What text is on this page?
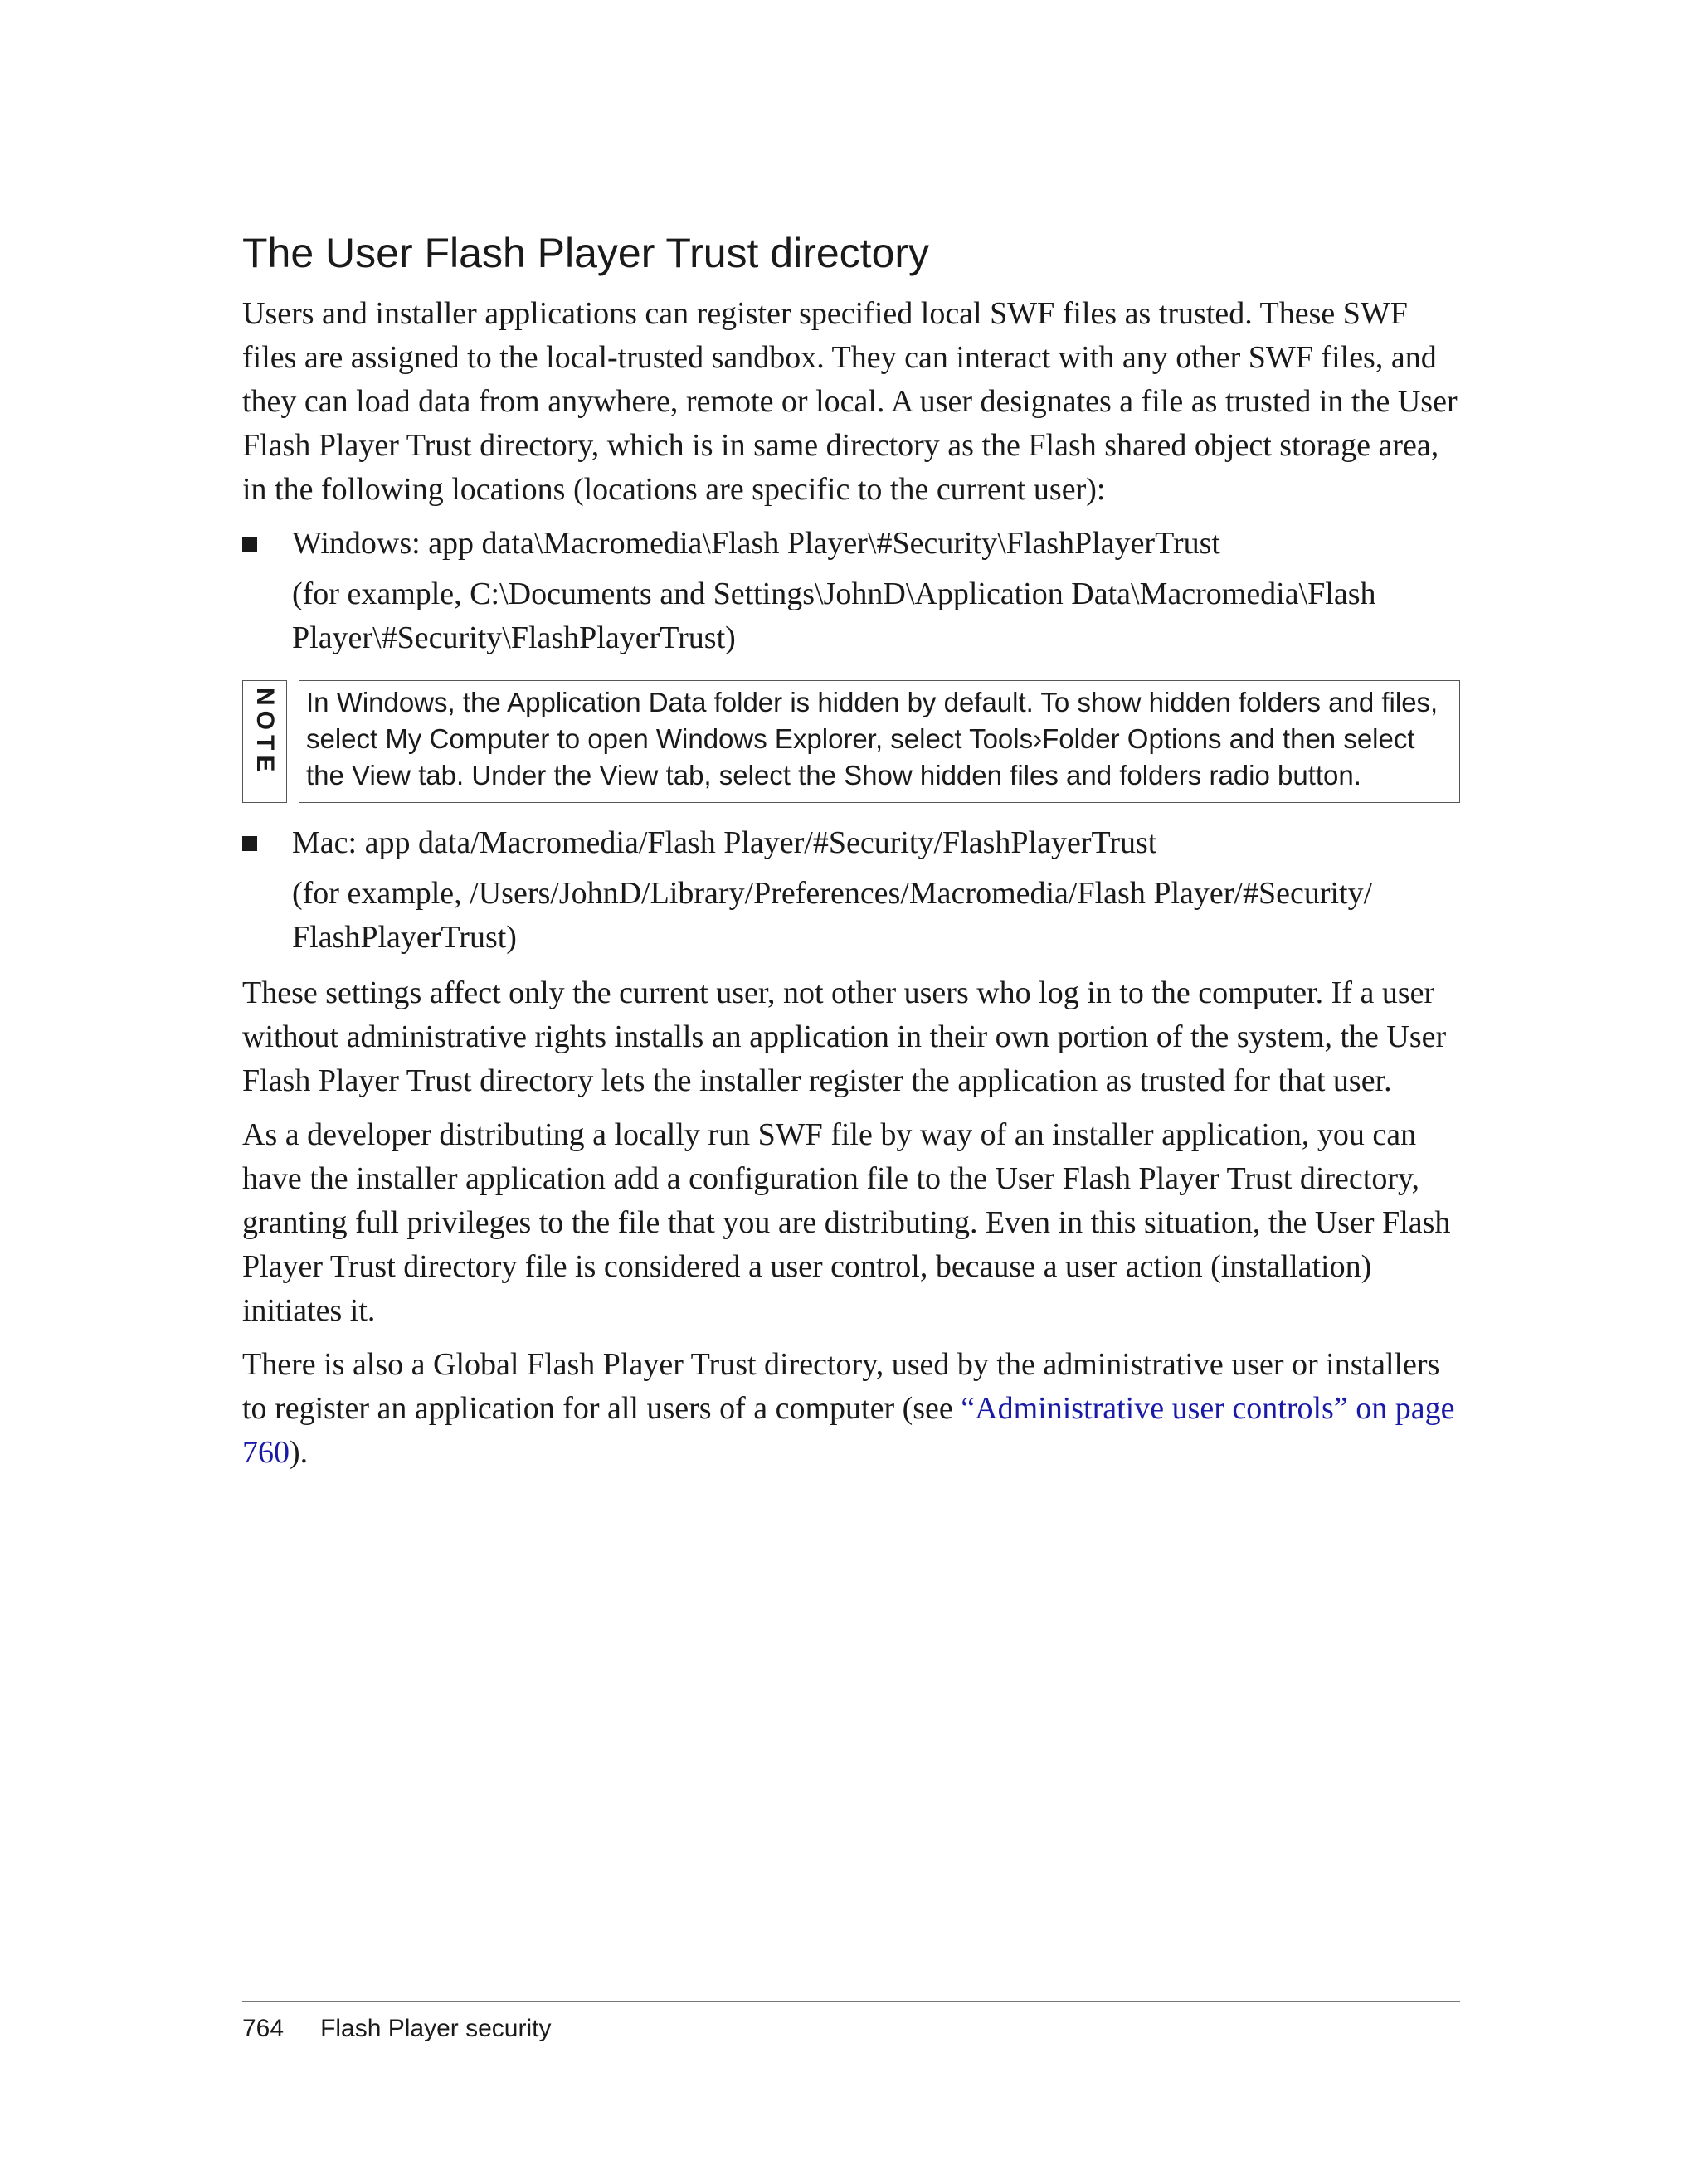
The User Flash Player Trust directory

Users and installer applications can register specified local SWF files as trusted. These SWF files are assigned to the local-trusted sandbox. They can interact with any other SWF files, and they can load data from anywhere, remote or local. A user designates a file as trusted in the User Flash Player Trust directory, which is in same directory as the Flash shared object storage area, in the following locations (locations are specific to the current user):

Windows: app data\Macromedia\Flash Player\#Security\FlashPlayerTrust
(for example, C:\Documents and Settings\JohnD\Application Data\Macromedia\Flash Player\#Security\FlashPlayerTrust)
NOTE In Windows, the Application Data folder is hidden by default. To show hidden folders and files, select My Computer to open Windows Explorer, select Tools›Folder Options and then select the View tab. Under the View tab, select the Show hidden files and folders radio button.
Mac: app data/Macromedia/Flash Player/#Security/FlashPlayerTrust
(for example, /Users/JohnD/Library/Preferences/Macromedia/Flash Player/#Security/ FlashPlayerTrust)

These settings affect only the current user, not other users who log in to the computer. If a user without administrative rights installs an application in their own portion of the system, the User Flash Player Trust directory lets the installer register the application as trusted for that user.

As a developer distributing a locally run SWF file by way of an installer application, you can have the installer application add a configuration file to the User Flash Player Trust directory, granting full privileges to the file that you are distributing. Even in this situation, the User Flash Player Trust directory file is considered a user control, because a user action (installation) initiates it.

There is also a Global Flash Player Trust directory, used by the administrative user or installers to register an application for all users of a computer (see “Administrative user controls” on page 760).

764 Flash Player security
